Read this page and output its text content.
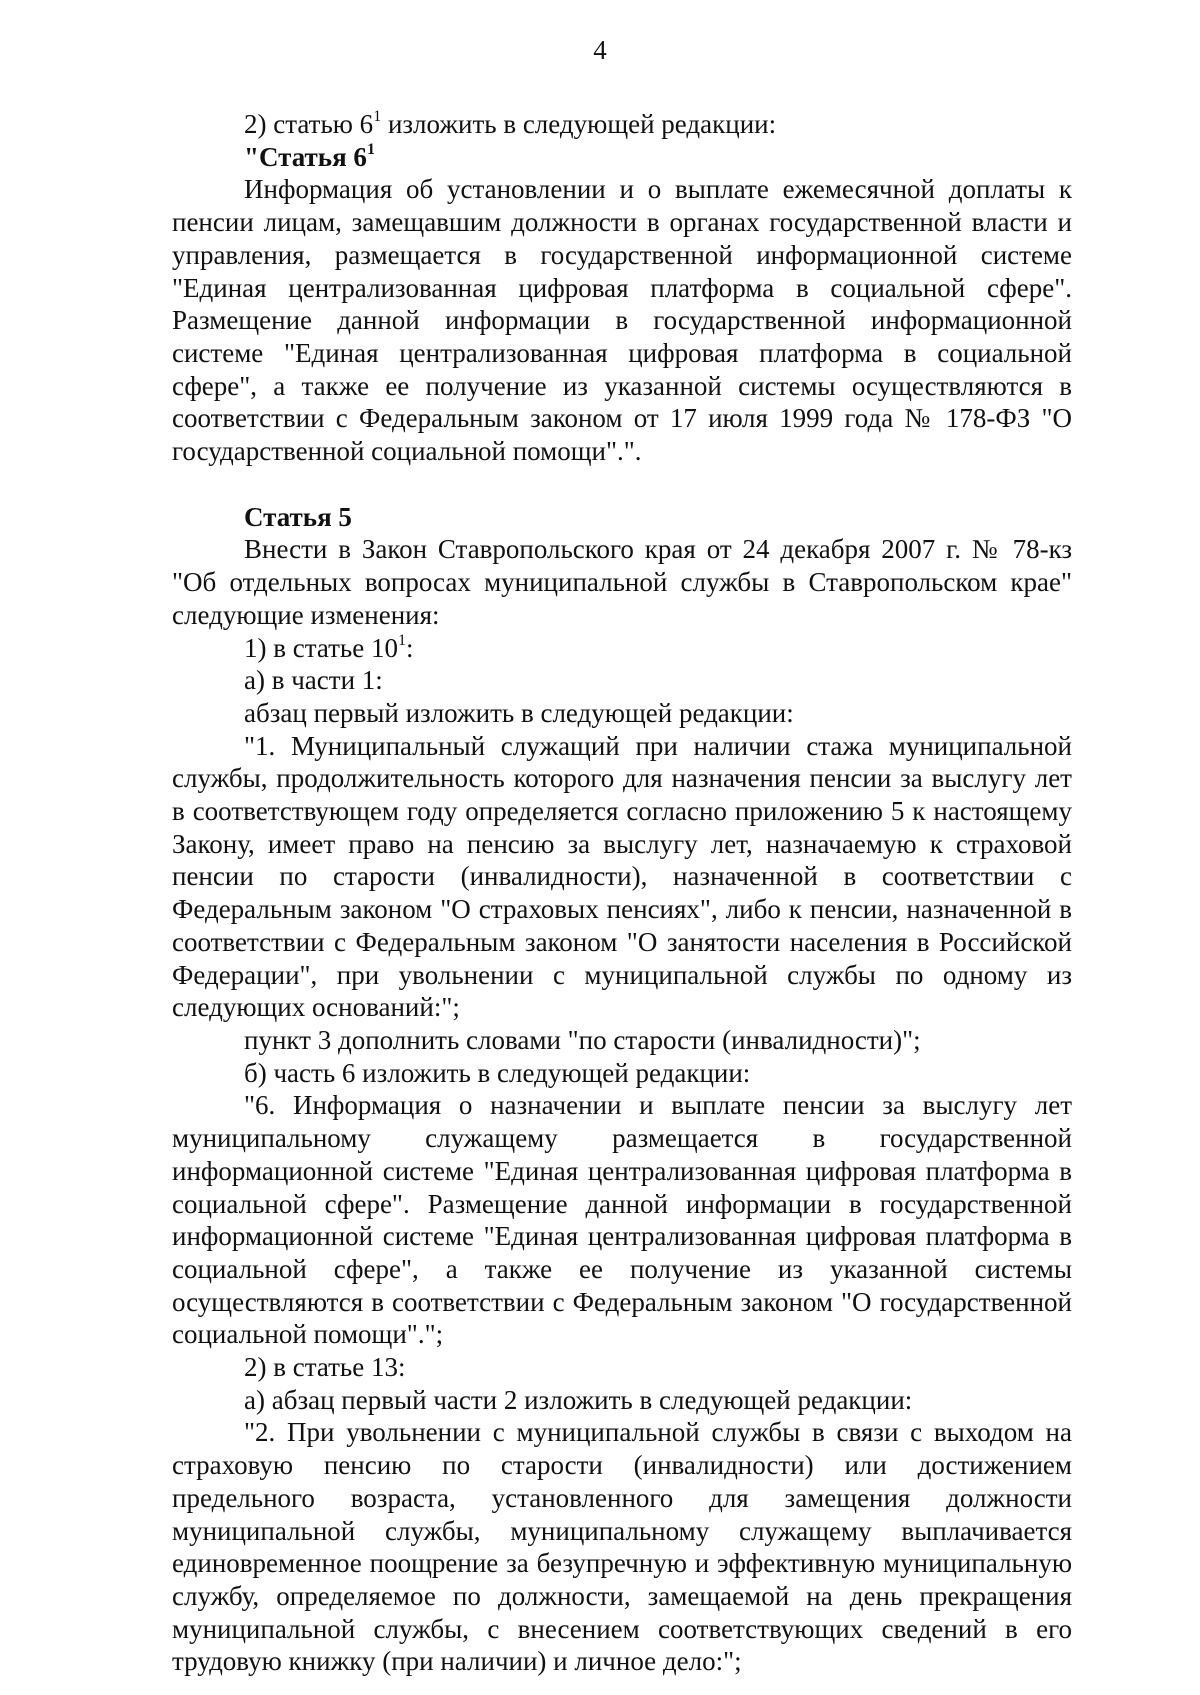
4

2) статью $6^1$ изложить в следующей редакции:

"Статья $6^1$

Информация об установлении и о выплате ежемесячной доплаты к пенсии лицам, замещавшим должности в органах государственной власти и управления, размещается в государственной информационной системе "Единая централизованная цифровая платформа в социальной сфере". Размещение данной информации в государственной информационной системе "Единая централизованная цифровая платформа в социальной сфере", а также ее получение из указанной системы осуществляются в соответствии с Федеральным законом от 17 июля 1999 года № 178-ФЗ "О государственной социальной помощи".".

Статья 5

Внести в Закон Ставропольского края от 24 декабря 2007 г. № 78-кз "Об отдельных вопросах муниципальной службы в Ставропольском крае" следующие изменения:

1) в статье $10^1$:

а) в части 1:

абзац первый изложить в следующей редакции:

"1. Муниципальный служащий при наличии стажа муниципальной службы, продолжительность которого для назначения пенсии за выслугу лет в соответствующем году определяется согласно приложению 5 к настоящему Закону, имеет право на пенсию за выслугу лет, назначаемую к страховой пенсии по старости (инвалидности), назначенной в соответствии с Федеральным законом "О страховых пенсиях", либо к пенсии, назначенной в соответствии с Федеральным законом "О занятости населения в Российской Федерации", при увольнении с муниципальной службы по одному из следующих оснований:";

пункт 3 дополнить словами "по старости (инвалидности)";

б) часть 6 изложить в следующей редакции:

"6. Информация о назначении и выплате пенсии за выслугу лет муниципальному служащему размещается в государственной информационной системе "Единая централизованная цифровая платформа в социальной сфере". Размещение данной информации в государственной информационной системе "Единая централизованная цифровая платформа в социальной сфере", а также ее получение из указанной системы осуществляются в соответствии с Федеральным законом "О государственной социальной помощи".";

2) в статье 13:

а) абзац первый части 2 изложить в следующей редакции:

"2. При увольнении с муниципальной службы в связи с выходом на страховую пенсию по старости (инвалидности) или достижением предельного возраста, установленного для замещения должности муниципальной службы, муниципальному служащему выплачивается единовременное поощрение за безупречную и эффективную муниципальную службу, определяемое по должности, замещаемой на день прекращения муниципальной службы, с внесением соответствующих сведений в его трудовую книжку (при наличии) и личное дело:";
